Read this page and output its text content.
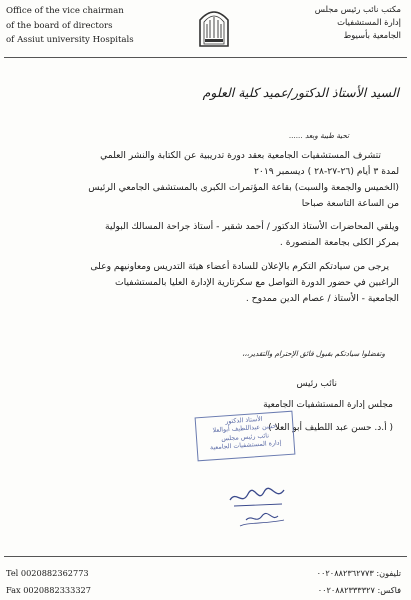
Office of the vice chairman
of the board of directors
of Assiut university Hospitals
مكتب نائب رئيس مجلس
إدارة المستشفيات
الجامعية بأسيوط
السيد الأستاذ الدكتور/عميد كلية العلوم
تحية طيبة وبعد ......
تتشرف المستشفيات الجامعية بعقد دورة تدريبية عن الكتابة والنشر العلمي
لمدة ٣ أيام (٢٦-٢٧-٢٨ ) ديسمبر ٢٠١٩
(الخميس والجمعة والسبت) بقاعة المؤتمرات الكبرى بالمستشفى الجامعي الرئيس
من الساعة التاسعة صباحا
ويلقي المحاضرات الأستاذ الدكتور / أحمد شقير - أستاذ جراحة المسالك البولية
بمركز الكلى بجامعة المنصورة .
يرجى من سيادتكم التكرم بالإعلان للسادة أعضاء هيئة التدريس ومعاونيهم وعلى
الراغبين في حضور الدورة التواصل مع سكرتارية الإدارة العليا بالمستشفيات
الجامعية - الأستاذ / عصام الدين ممدوح .
وتفضلوا سيادتكم بقبول فائق الإحترام والتقدير،،،
نائب رئيس
مجلس إدارة المستشفيات الجامعية
( أ.د. حسن عبد اللطيف أبو العلا )
الأستاذ الدكتور
حسن عبداللطيف أبوالعلا
نائب رئيس مجلس
إدارة المستشفيات الجامعية
Tel 0020882362773
Fax 0020882333327
تليفون: ٠٠٢٠٨٨٢٣٦٢٧٧٣
فاكس: ٠٠٢٠٨٨٢٣٣٣٣٢٧
